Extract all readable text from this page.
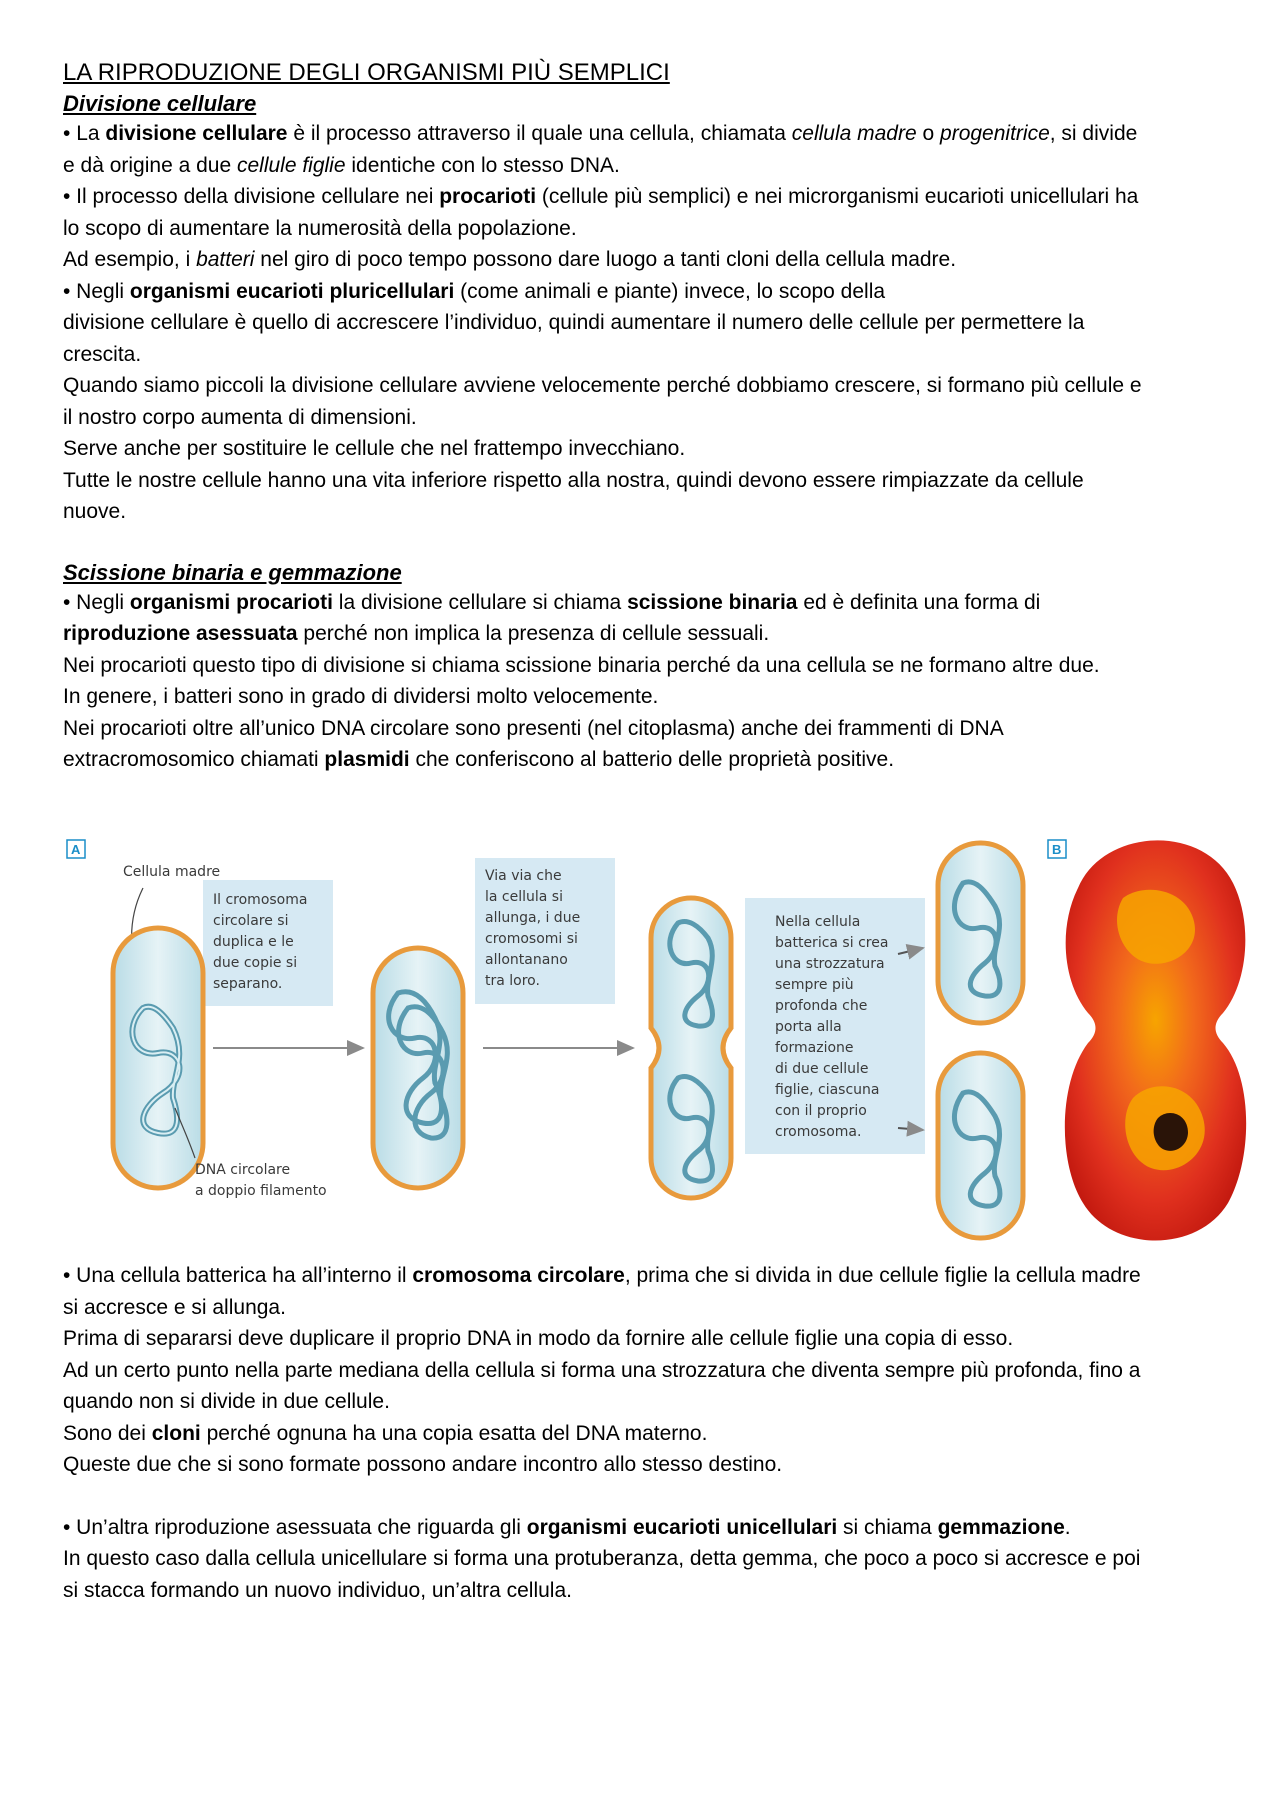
LA RIPRODUZIONE DEGLI ORGANISMI PIÙ SEMPLICI
Divisione cellulare

• La divisione cellulare è il processo attraverso il quale una cellula, chiamata cellula madre o progenitrice, si divide e dà origine a due cellule figlie identiche con lo stesso DNA.

• Il processo della divisione cellulare nei procarioti (cellule più semplici) e nei microrganismi eucarioti unicellulari ha lo scopo di aumentare la numerosità della popolazione.

Ad esempio, i batteri nel giro di poco tempo possono dare luogo a tanti cloni della cellula madre.

• Negli organismi eucarioti pluricellulari (come animali e piante) invece, lo scopo della
divisione cellulare è quello di accrescere l’individuo, quindi aumentare il numero delle cellule per permettere la crescita.

Quando siamo piccoli la divisione cellulare avviene velocemente perché dobbiamo crescere, si formano più cellule e il nostro corpo aumenta di dimensioni.

Serve anche per sostituire le cellule che nel frattempo invecchiano.

Tutte le nostre cellule hanno una vita inferiore rispetto alla nostra, quindi devono essere rimpiazzate da cellule nuove.

Scissione binaria e gemmazione

• Negli organismi procarioti la divisione cellulare si chiama scissione binaria ed è definita una forma di riproduzione asessuata perché non implica la presenza di cellule sessuali.

Nei procarioti questo tipo di divisione si chiama scissione binaria perché da una cellula se ne formano altre due.

In genere, i batteri sono in grado di dividersi molto velocemente.

Nei procarioti oltre all’unico DNA circolare sono presenti (nel citoplasma) anche dei frammenti di DNA extracromosomico chiamati plasmidi che conferiscono al batterio delle proprietà positive.

A
Cellula madre
Il cromosoma circolare si duplica e le due copie si separano.
DNA circolare a doppio filamento
Via via che la cellula si allunga, i due cromosomi si allontanano tra loro.
Nella cellula batterica si crea una strozzatura sempre più profonda che porta alla formazione di due cellule figlie, ciascuna con il proprio cromosoma.
B

• Una cellula batterica ha all’interno il cromosoma circolare, prima che si divida in due cellule figlie la cellula madre si accresce e si allunga.

Prima di separarsi deve duplicare il proprio DNA in modo da fornire alle cellule figlie una copia di esso.

Ad un certo punto nella parte mediana della cellula si forma una strozzatura che diventa sempre più profonda, fino a quando non si divide in due cellule.

Sono dei cloni perché ognuna ha una copia esatta del DNA materno.

Queste due che si sono formate possono andare incontro allo stesso destino.

• Un’altra riproduzione asessuata che riguarda gli organismi eucarioti unicellulari si chiama gemmazione.

In questo caso dalla cellula unicellulare si forma una protuberanza, detta gemma, che poco a poco si accresce e poi si stacca formando un nuovo individuo, un’altra cellula.
